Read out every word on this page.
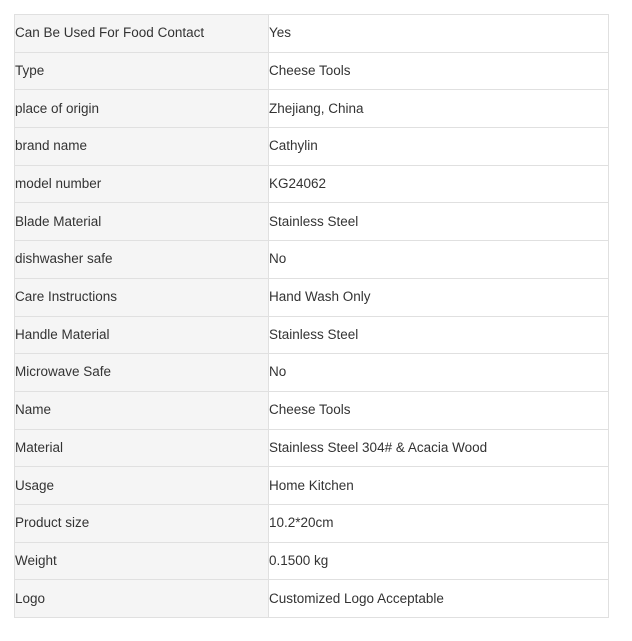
Can Be Used For Food Contact	Yes
Type	Cheese Tools
place of origin	Zhejiang, China
brand name	Cathylin
model number	KG24062
Blade Material	Stainless Steel
dishwasher safe	No
Care Instructions	Hand Wash Only
Handle Material	Stainless Steel
Microwave Safe	No
Name	Cheese Tools
Material	Stainless Steel 304# & Acacia Wood
Usage	Home Kitchen
Product size	10.2*20cm
Weight	0.1500 kg
Logo	Customized Logo Acceptable
